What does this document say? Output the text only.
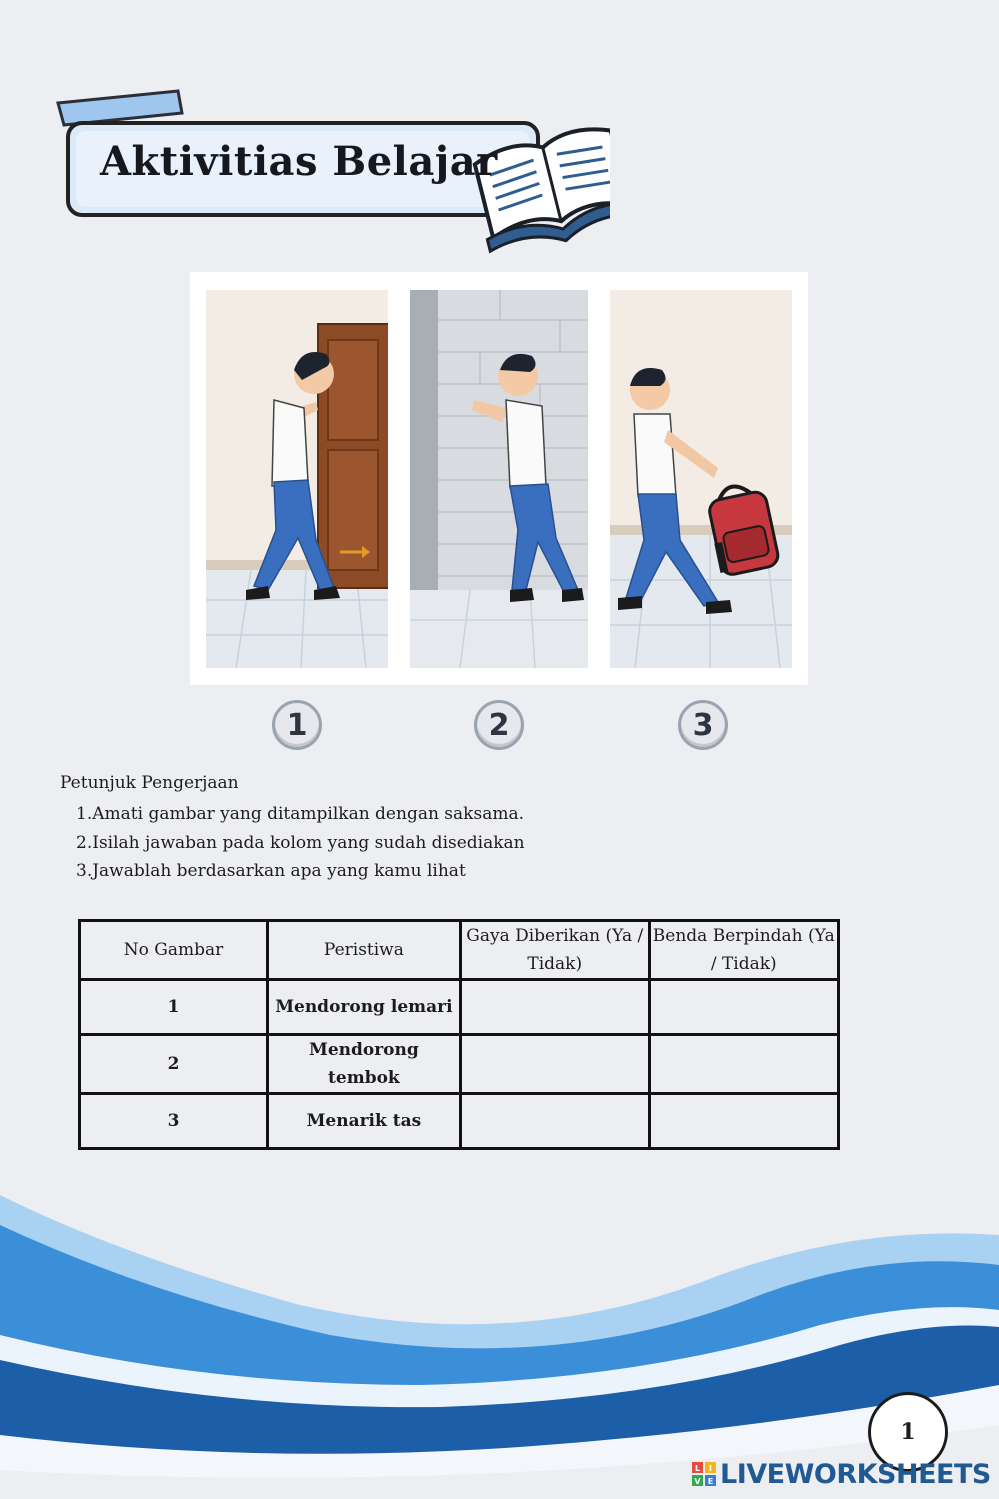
Aktivitias Belajar
1	2	3
Petunjuk Pengerjaan
1.Amati gambar yang ditampilkan dengan saksama.
2.Isilah jawaban pada kolom yang sudah disediakan
3.Jawablah berdasarkan apa yang kamu lihat
No Gambar	Peristiwa	Gaya Diberikan (Ya / Tidak)	Benda Berpindah (Ya / Tidak)
1	Mendorong lemari		
2	Mendorong tembok		
3	Menarik tas		
1
L I
V E LIVEWORKSHEETS
